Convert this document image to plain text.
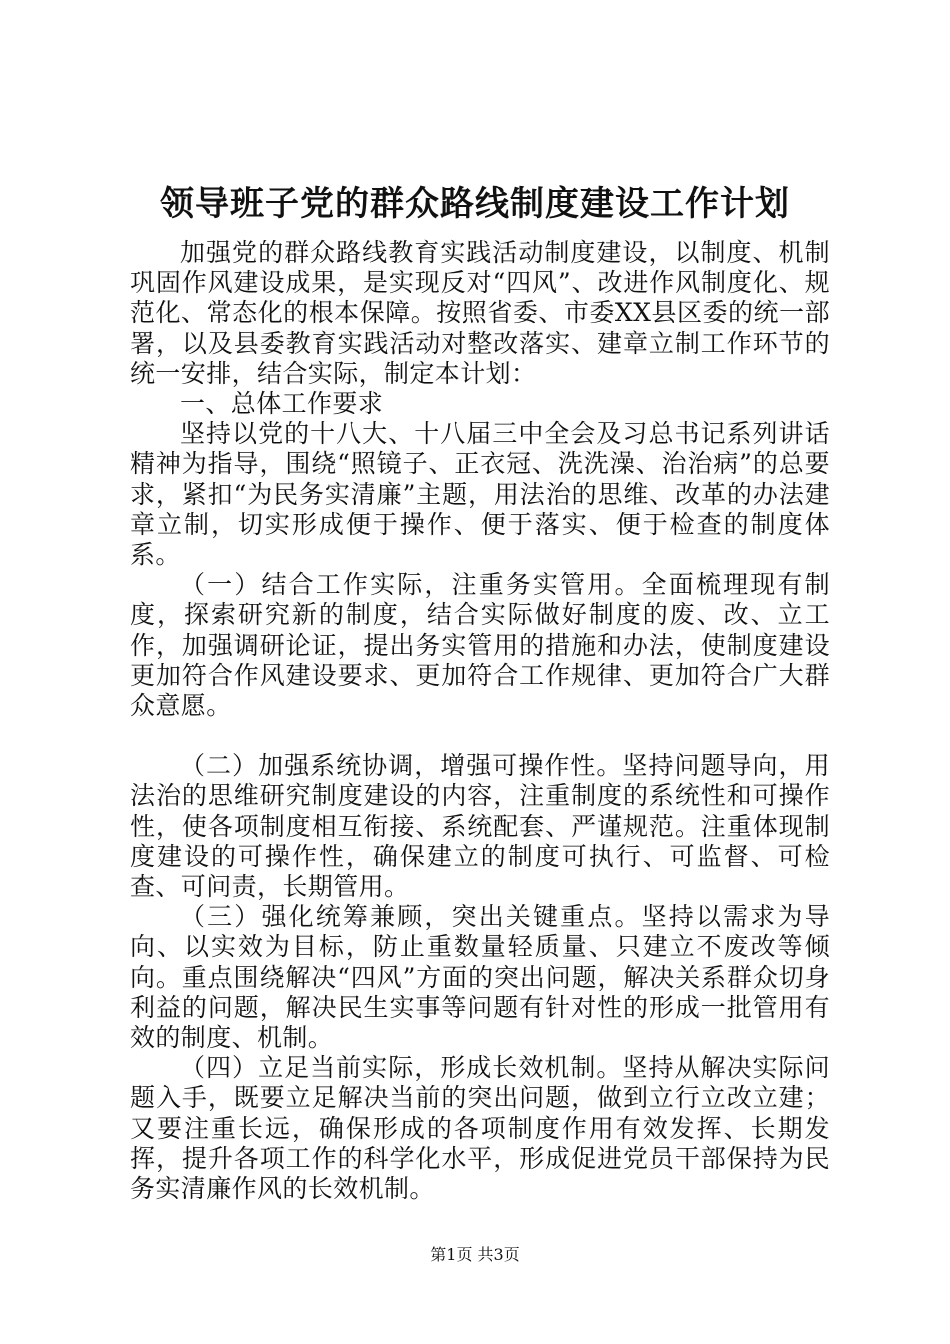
领导班子党的群众路线制度建设工作计划

加强党的群众路线教育实践活动制度建设，以制度、机制巩固作风建设成果，是实现反对“四风”、改进作风制度化、规范化、常态化的根本保障。按照省委、市委XX县区委的统一部署，以及县委教育实践活动对整改落实、建章立制工作环节的统一安排，结合实际，制定本计划：

一、总体工作要求

坚持以党的十八大、十八届三中全会及习总书记系列讲话精神为指导，围绕“照镜子、正衣冠、洗洗澡、治治病”的总要求，紧扣“为民务实清廉”主题，用法治的思维、改革的办法建章立制，切实形成便于操作、便于落实、便于检查的制度体系。

（一）结合工作实际，注重务实管用。全面梳理现有制度，探索研究新的制度，结合实际做好制度的废、改、立工作，加强调研论证，提出务实管用的措施和办法，使制度建设更加符合作风建设要求、更加符合工作规律、更加符合广大群众意愿。

（二）加强系统协调，增强可操作性。坚持问题导向，用法治的思维研究制度建设的内容，注重制度的系统性和可操作性，使各项制度相互衔接、系统配套、严谨规范。注重体现制度建设的可操作性，确保建立的制度可执行、可监督、可检查、可问责，长期管用。

（三）强化统筹兼顾，突出关键重点。坚持以需求为导向、以实效为目标，防止重数量轻质量、只建立不废改等倾向。重点围绕解决“四风”方面的突出问题，解决关系群众切身利益的问题，解决民生实事等问题有针对性的形成一批管用有效的制度、机制。

（四）立足当前实际，形成长效机制。坚持从解决实际问题入手，既要立足解决当前的突出问题，做到立行立改立建；又要注重长远，确保形成的各项制度作用有效发挥、长期发挥，提升各项工作的科学化水平，形成促进党员干部保持为民务实清廉作风的长效机制。

第1页 共3页
